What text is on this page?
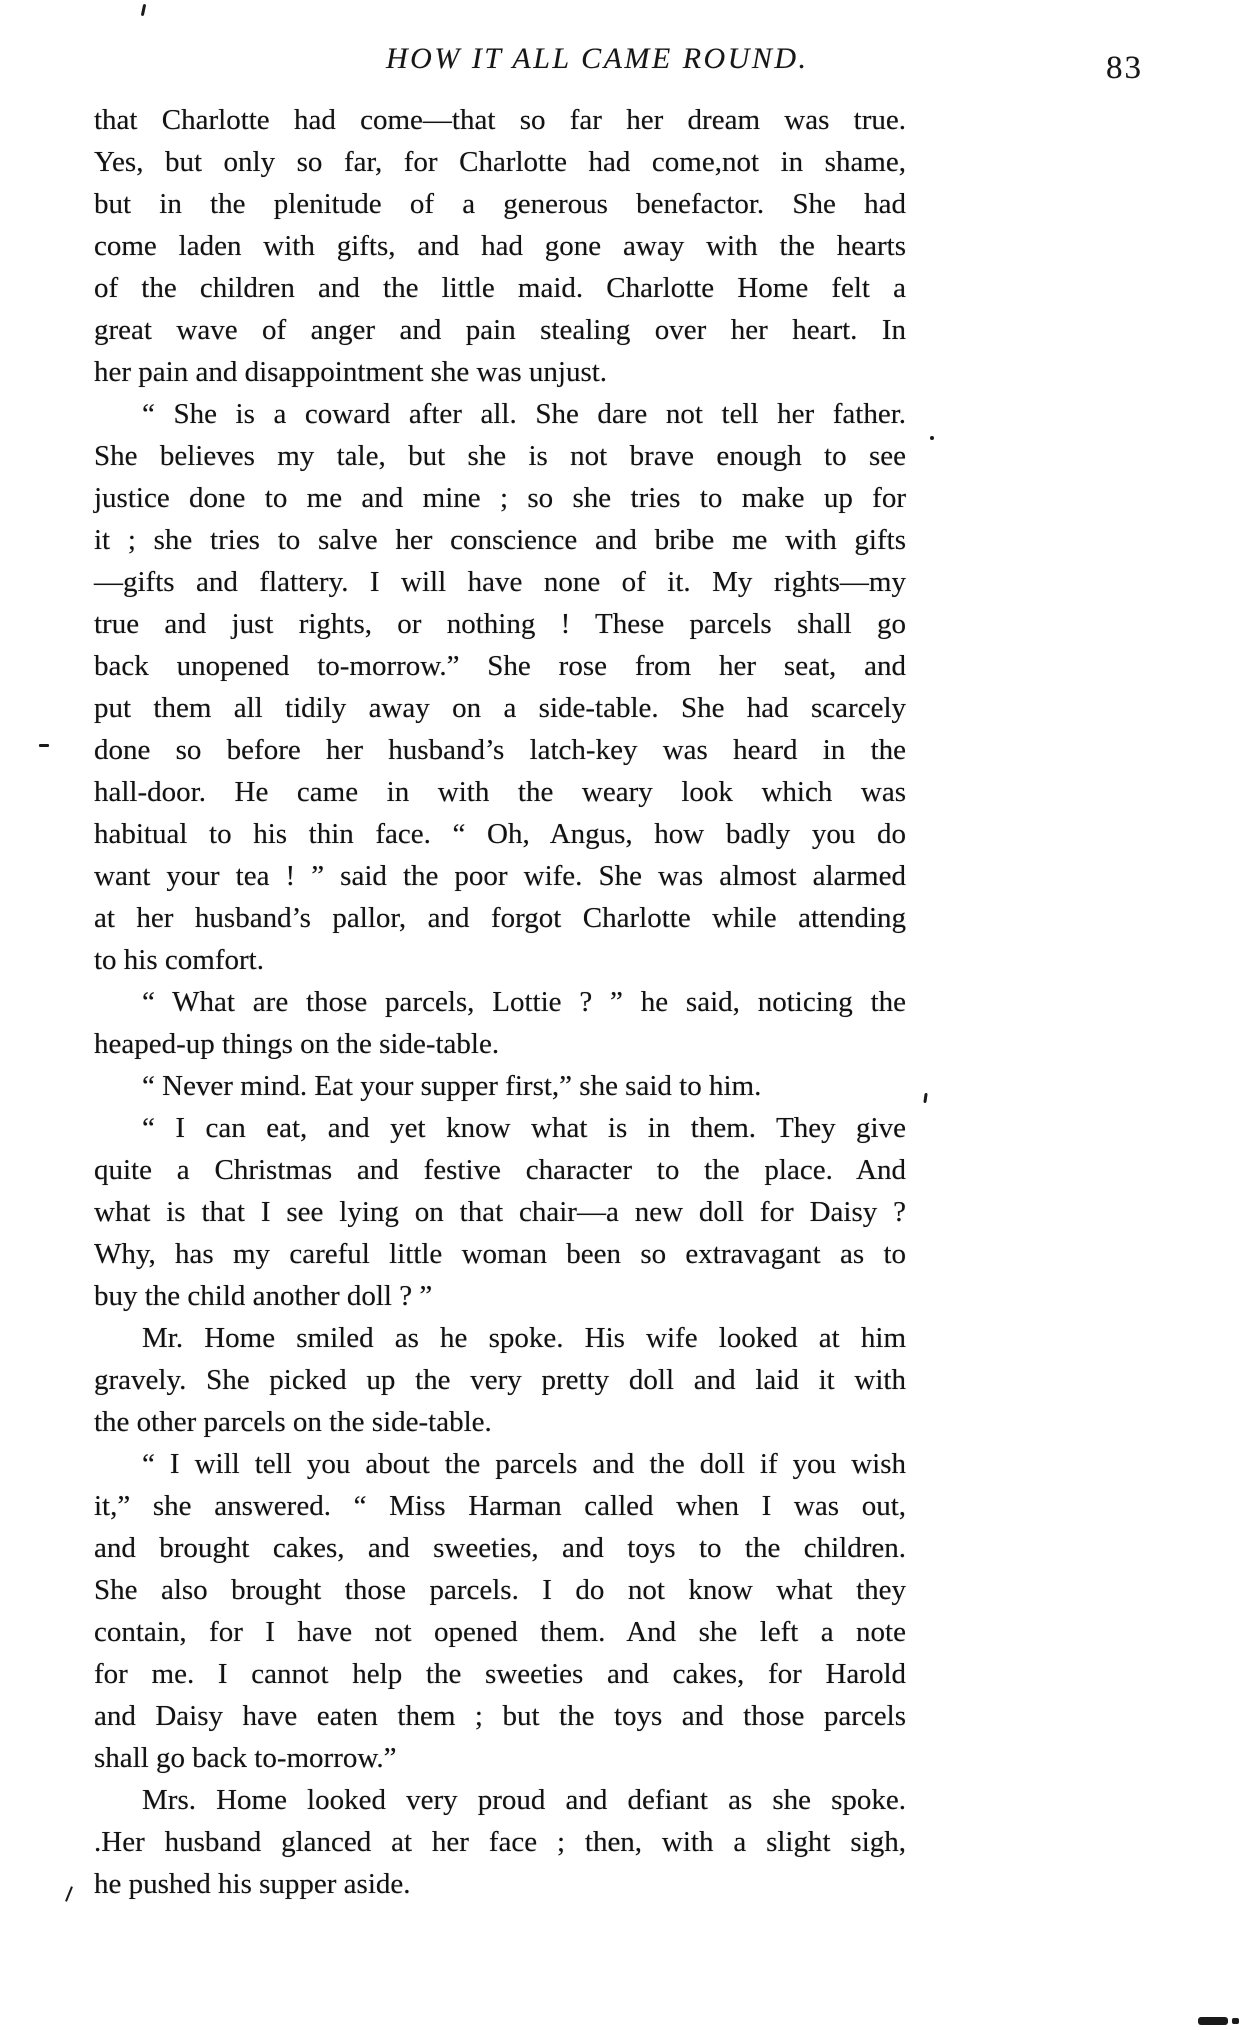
HOW IT ALL CAME ROUND.	83
that Charlotte had come—that so far her dream was true.
Yes, but only so far, for Charlotte had come,not in shame,
but in the plenitude of a generous benefactor. She had
come laden with gifts, and had gone away with the hearts
of the children and the little maid. Charlotte Home felt a
great wave of anger and pain stealing over her heart. In
her pain and disappointment she was unjust.
“ She is a coward after all. She dare not tell her father.
She believes my tale, but she is not brave enough to see
justice done to me and mine ; so she tries to make up for
it ; she tries to salve her conscience and bribe me with gifts
—gifts and flattery. I will have none of it. My rights—my
true and just rights, or nothing ! These parcels shall go
back unopened to-morrow.” She rose from her seat, and
put them all tidily away on a side-table. She had scarcely
done so before her husband’s latch-key was heard in the
hall-door. He came in with the weary look which was
habitual to his thin face. “ Oh, Angus, how badly you do
want your tea ! ” said the poor wife. She was almost alarmed
at her husband’s pallor, and forgot Charlotte while attending
to his comfort.
“ What are those parcels, Lottie ? ” he said, noticing the
heaped-up things on the side-table.
“ Never mind. Eat your supper first,” she said to him.
“ I can eat, and yet know what is in them. They give
quite a Christmas and festive character to the place. And
what is that I see lying on that chair—a new doll for Daisy ?
Why, has my careful little woman been so extravagant as to
buy the child another doll ? ”
Mr. Home smiled as he spoke. His wife looked at him
gravely. She picked up the very pretty doll and laid it with
the other parcels on the side-table.
“ I will tell you about the parcels and the doll if you wish
it,” she answered. “ Miss Harman called when I was out,
and brought cakes, and sweeties, and toys to the children.
She also brought those parcels. I do not know what they
contain, for I have not opened them. And she left a note
for me. I cannot help the sweeties and cakes, for Harold
and Daisy have eaten them ; but the toys and those parcels
shall go back to-morrow.”
Mrs. Home looked very proud and defiant as she spoke.
.Her husband glanced at her face ; then, with a slight sigh,
he pushed his supper aside.
